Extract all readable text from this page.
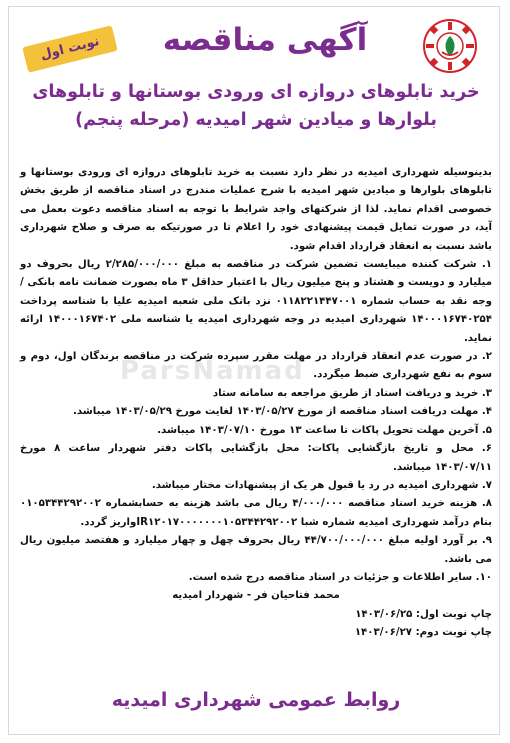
نوبت اول	آگهی مناقصه
خرید تابلوهای دروازه ای ورودی بوستانها و تابلوهای
بلوارها و میادین شهر امیدیه (مرحله پنجم)
ParsNamad

بدینوسیله شهرداری امیدیه در نظر دارد نسبت به خرید تابلوهای دروازه ای ورودی بوستانها و تابلوهای بلوارها و میادین شهر امیدیه با شرح عملیات مندرج در اسناد مناقصه از طریق بخش خصوصی اقدام نماید. لذا از شرکتهای واجد شرایط با توجه به اسناد مناقصه دعوت بعمل می آید، در صورت تمایل قیمت پیشنهادی خود را اعلام تا در صورتیکه به صرف و صلاح شهرداری باشد نسبت به انعقاد قرارداد اقدام شود.

۱. شرکت کننده میبایست تضمین شرکت در مناقصه به مبلغ ۲/۲۸۵/۰۰۰/۰۰۰ ریال بحروف دو میلیارد و دویست و هشتاد و پنج میلیون ریال با اعتبار حداقل ۳ ماه بصورت ضمانت نامه بانکی /وجه نقد به حساب شماره ۰۱۱۸۲۲۱۴۴۷۰۰۱ نزد بانک ملی شعبه امیدیه علیا با شناسه پرداخت ۱۴۰۰۰۱۶۷۴۰۲۵۴ شهرداری امیدیه در وجه شهرداری امیدیه یا شناسه ملی ۱۴۰۰۰۱۶۷۴۰۲ ارائه نماید.

۲. در صورت عدم انعقاد قرارداد در مهلت مقرر سپرده شرکت در مناقصه برندگان اول، دوم و سوم به نفع شهرداری ضبط میگردد.

۳. خرید و دریافت اسناد از طریق مراجعه به سامانه ستاد

۴. مهلت دریافت اسناد مناقصه از مورخ ۱۴۰۳/۰۵/۲۷ لغایت مورخ ۱۴۰۳/۰۵/۲۹ میباشد.

۵. آخرین مهلت تحویل پاکات تا ساعت ۱۳ مورخ ۱۴۰۳/۰۷/۱۰ میباشد.

۶. محل و تاریخ بازگشایی پاکات: محل بازگشایی پاکات دفتر شهردار ساعت ۸ مورخ ۱۴۰۳/۰۷/۱۱ میباشد.

۷. شهرداری امیدیه در رد یا قبول هر یک از پیشنهادات مختار میباشد.

۸. هزینه خرید اسناد مناقصه ۴/۰۰۰/۰۰۰ ریال می باشد هزینه به حسابشماره ۰۱۰۵۳۴۴۲۹۲۰۰۲ بنام درآمد شهرداری امیدیه شماره شبا IR۱۲۰۱۷۰۰۰۰۰۰۰۱۰۵۳۴۴۲۹۲۰۰۲واریز گردد.

۹. بر آورد اولیه مبلغ ۴۴/۷۰۰/۰۰۰/۰۰۰ ریال بحروف چهل و چهار میلیارد و هفتصد میلیون ریال می باشد.

۱۰. سایر اطلاعات و جزئیات در اسناد مناقصه درج شده است.

محمد فتاحیان فر - شهردار امیدیه

چاپ نوبت اول: ۱۴۰۳/۰۶/۲۵

چاپ نوبت دوم: ۱۴۰۳/۰۶/۲۷

روابط عمومی شهرداری امیدیه
